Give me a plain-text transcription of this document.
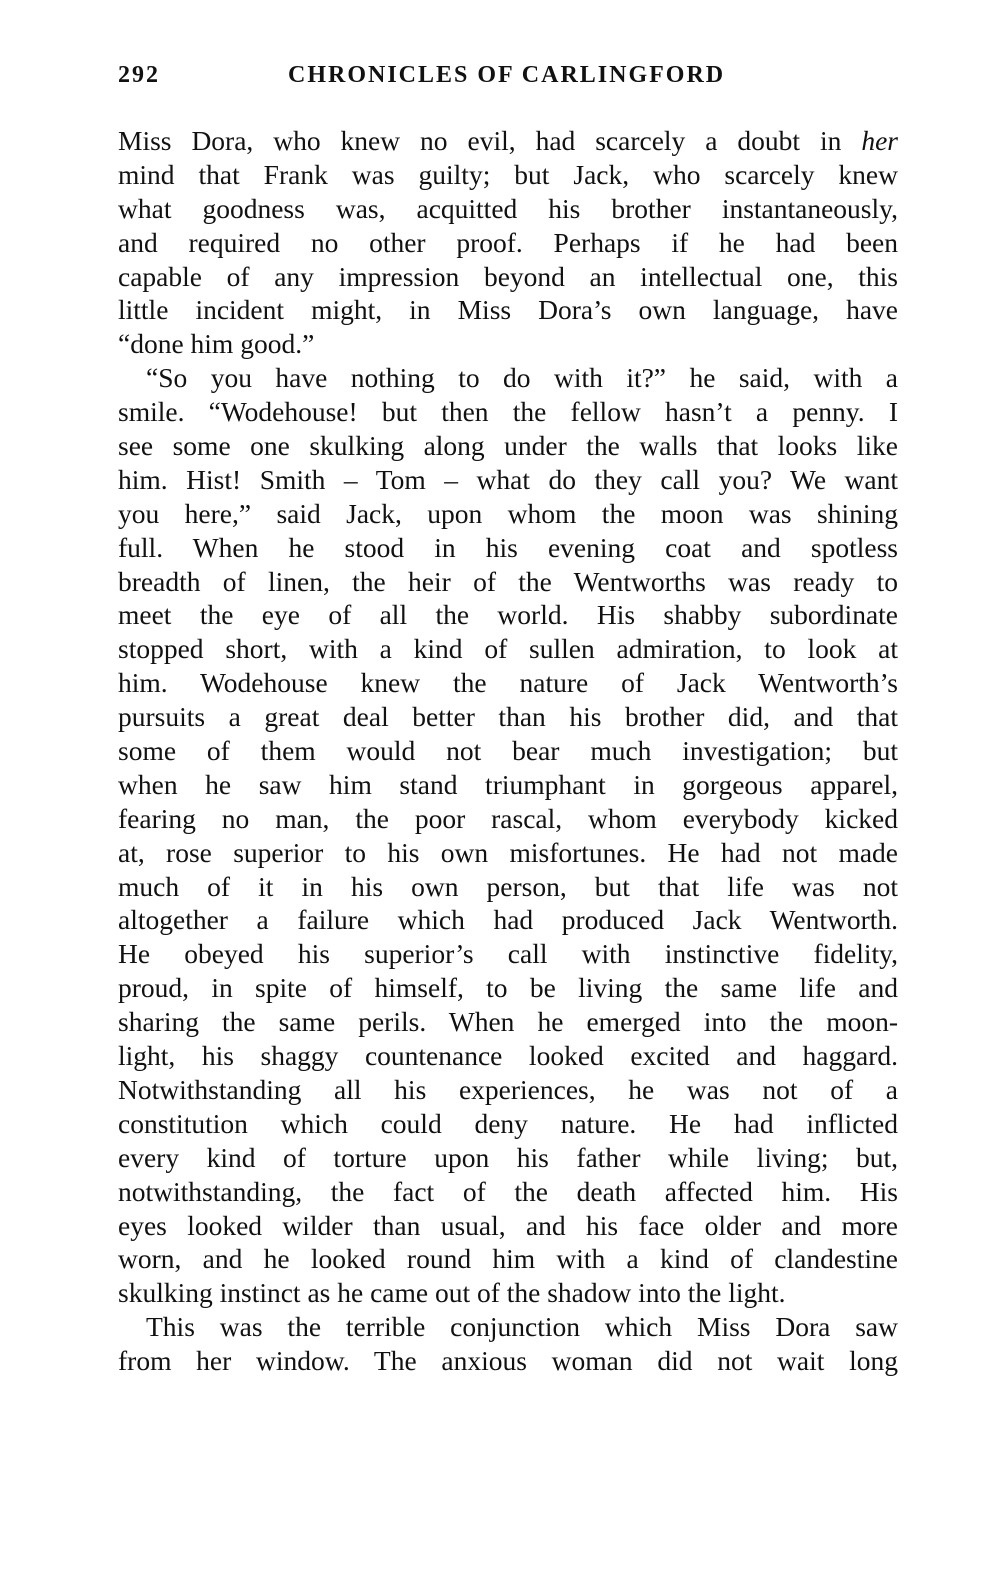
292	CHRONICLES OF CARLINGFORD
Miss Dora, who knew no evil, had scarcely a doubt in her
mind that Frank was guilty; but Jack, who scarcely knew
what goodness was, acquitted his brother instantaneously,
and required no other proof. Perhaps if he had been
capable of any impression beyond an intellectual one, this
little incident might, in Miss Dora’s own language, have
“done him good.”
“So you have nothing to do with it?” he said, with a
smile. “Wodehouse! but then the fellow hasn’t a penny. I
see some one skulking along under the walls that looks like
him. Hist! Smith – Tom – what do they call you? We want
you here,” said Jack, upon whom the moon was shining
full. When he stood in his evening coat and spotless
breadth of linen, the heir of the Wentworths was ready to
meet the eye of all the world. His shabby subordinate
stopped short, with a kind of sullen admiration, to look at
him. Wodehouse knew the nature of Jack Wentworth’s
pursuits a great deal better than his brother did, and that
some of them would not bear much investigation; but
when he saw him stand triumphant in gorgeous apparel,
fearing no man, the poor rascal, whom everybody kicked
at, rose superior to his own misfortunes. He had not made
much of it in his own person, but that life was not
altogether a failure which had produced Jack Wentworth.
He obeyed his superior’s call with instinctive fidelity,
proud, in spite of himself, to be living the same life and
sharing the same perils. When he emerged into the moon-
light, his shaggy countenance looked excited and haggard.
Notwithstanding all his experiences, he was not of a
constitution which could deny nature. He had inflicted
every kind of torture upon his father while living; but,
notwithstanding, the fact of the death affected him. His
eyes looked wilder than usual, and his face older and more
worn, and he looked round him with a kind of clandestine
skulking instinct as he came out of the shadow into the light.
This was the terrible conjunction which Miss Dora saw
from her window. The anxious woman did not wait long
